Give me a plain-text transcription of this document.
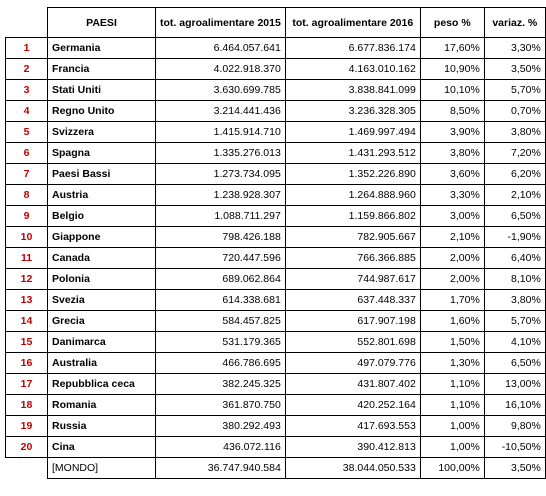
	PAESI	tot. agroalimentare 2015	tot. agroalimentare 2016	peso %	variaz. %
1	Germania	6.464.057.641	6.677.836.174	17,60%	3,30%
2	Francia	4.022.918.370	4.163.010.162	10,90%	3,50%
3	Stati Uniti	3.630.699.785	3.838.841.099	10,10%	5,70%
4	Regno Unito	3.214.441.436	3.236.328.305	8,50%	0,70%
5	Svizzera	1.415.914.710	1.469.997.494	3,90%	3,80%
6	Spagna	1.335.276.013	1.431.293.512	3,80%	7,20%
7	Paesi Bassi	1.273.734.095	1.352.226.890	3,60%	6,20%
8	Austria	1.238.928.307	1.264.888.960	3,30%	2,10%
9	Belgio	1.088.711.297	1.159.866.802	3,00%	6,50%
10	Giappone	798.426.188	782.905.667	2,10%	-1,90%
11	Canada	720.447.596	766.366.885	2,00%	6,40%
12	Polonia	689.062.864	744.987.617	2,00%	8,10%
13	Svezia	614.338.681	637.448.337	1,70%	3,80%
14	Grecia	584.457.825	617.907.198	1,60%	5,70%
15	Danimarca	531.179.365	552.801.698	1,50%	4,10%
16	Australia	466.786.695	497.079.776	1,30%	6,50%
17	Repubblica ceca	382.245.325	431.807.402	1,10%	13,00%
18	Romania	361.870.750	420.252.164	1,10%	16,10%
19	Russia	380.292.493	417.693.553	1,00%	9,80%
20	Cina	436.072.116	390.412.813	1,00%	-10,50%
	[MONDO]	36.747.940.584	38.044.050.533	100,00%	3,50%
